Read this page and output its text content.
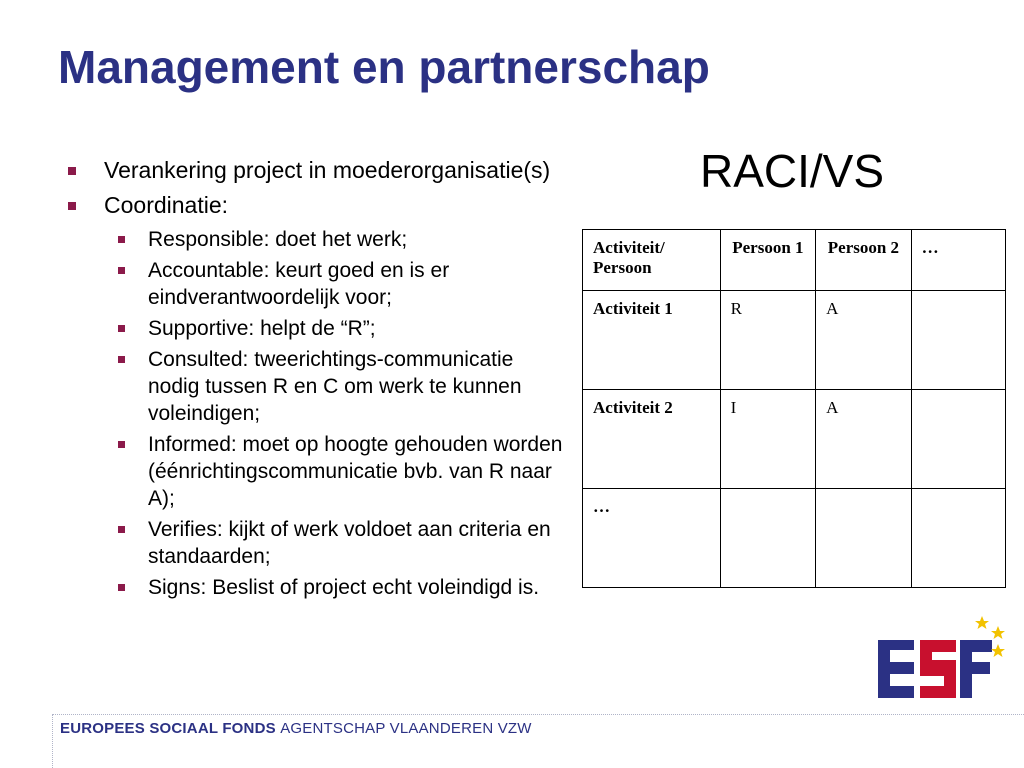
Management en partnerschap
Verankering project in moederorganisatie(s)
Coordinatie:
Responsible: doet het werk;
Accountable: keurt goed en is er eindverantwoordelijk voor;
Supportive: helpt de “R”;
Consulted: tweerichtings-communicatie nodig tussen R en C om werk te kunnen voleindigen;
Informed: moet op hoogte gehouden worden (éénrichtingscommunicatie bvb. van R naar A);
Verifies: kijkt of werk voldoet aan criteria en standaarden;
Signs: Beslist of project echt voleindigd is.
RACI/VS
Activiteit/ Persoon	Persoon 1	Persoon 2	…
Activiteit 1	R	A	
Activiteit 2	I	A	
…			
EUROPEES SOCIAAL FONDS AGENTSCHAP VLAANDEREN VZW
